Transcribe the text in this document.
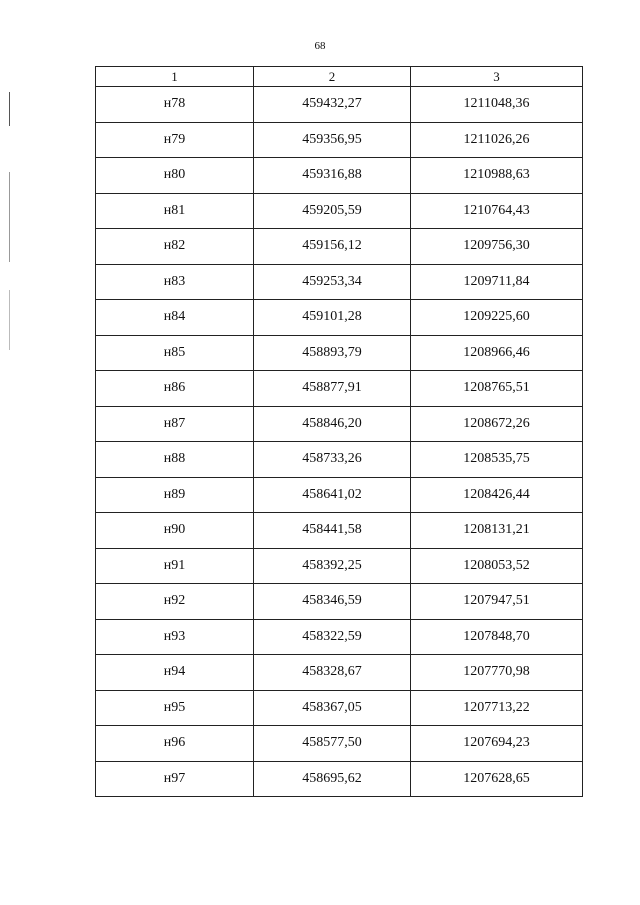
68
1	2	3
н78	459432,27	1211048,36
н79	459356,95	1211026,26
н80	459316,88	1210988,63
н81	459205,59	1210764,43
н82	459156,12	1209756,30
н83	459253,34	1209711,84
н84	459101,28	1209225,60
н85	458893,79	1208966,46
н86	458877,91	1208765,51
н87	458846,20	1208672,26
н88	458733,26	1208535,75
н89	458641,02	1208426,44
н90	458441,58	1208131,21
н91	458392,25	1208053,52
н92	458346,59	1207947,51
н93	458322,59	1207848,70
н94	458328,67	1207770,98
н95	458367,05	1207713,22
н96	458577,50	1207694,23
н97	458695,62	1207628,65
